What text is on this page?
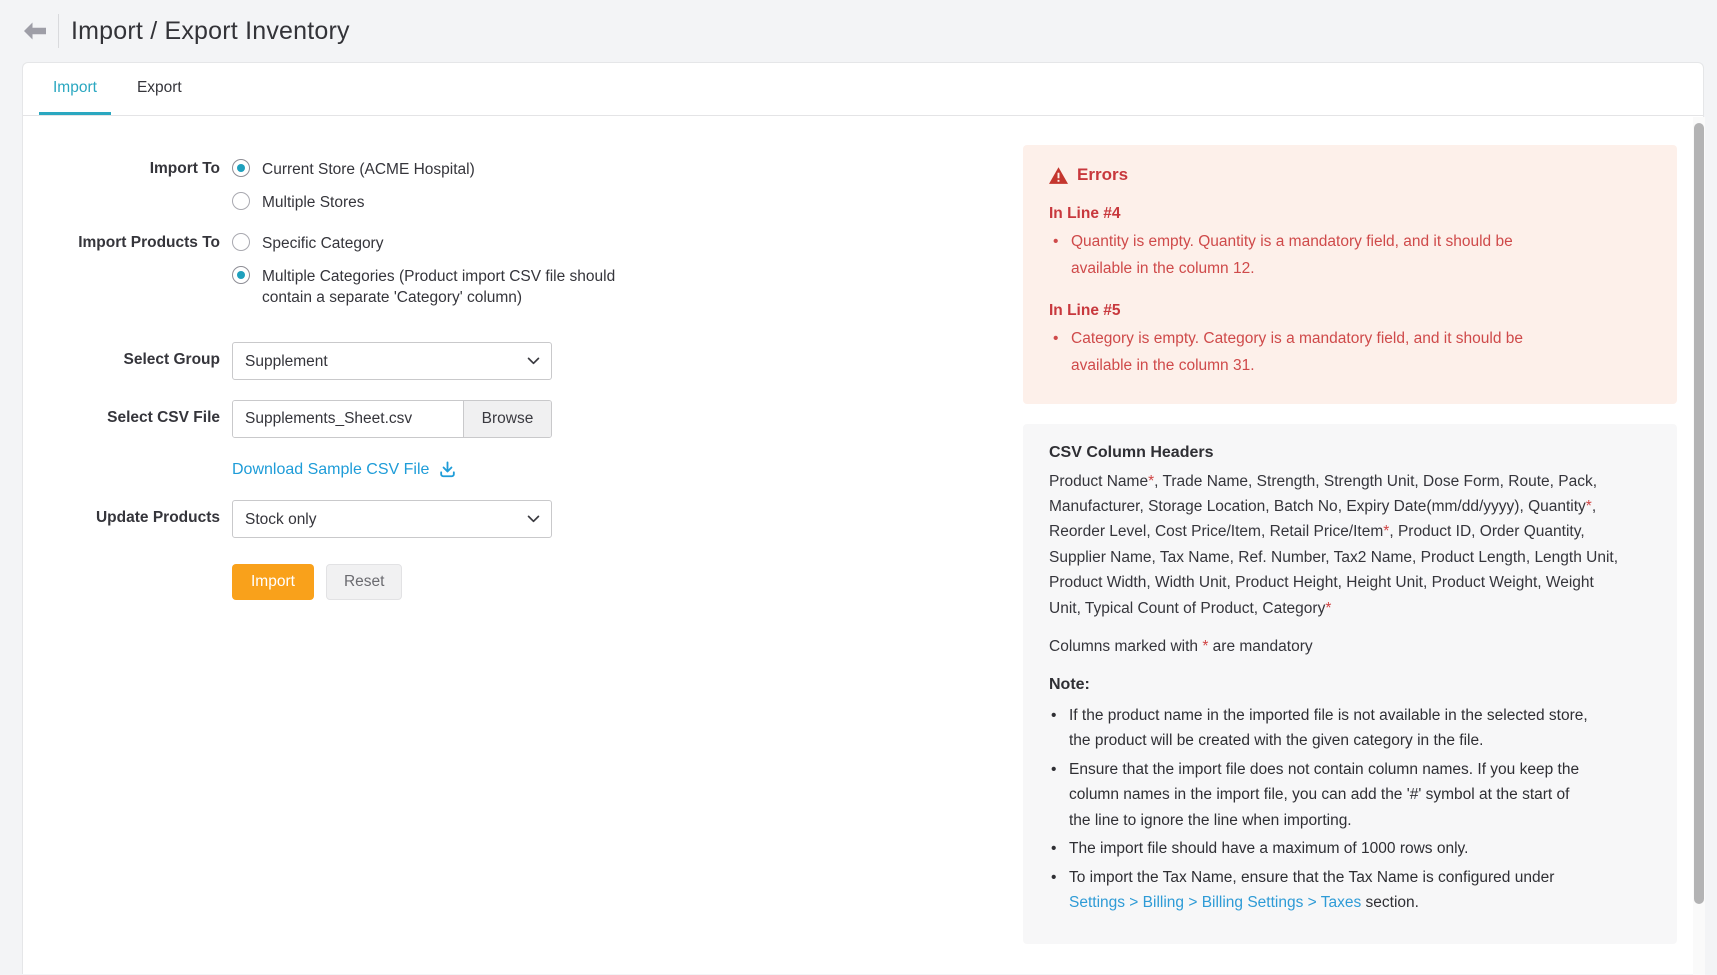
Import / Export Inventory
Import	Export
Import To	Current Store (ACME Hospital)
Multiple Stores
Import Products To	Specific Category
Multiple Categories (Product import CSV file should contain a separate 'Category' column)
Select Group
Supplement
Select CSV File	Supplements_Sheet.csv	Browse
Download Sample CSV File
Update Products
Stock only
Import	Reset
Errors
In Line #4
• Quantity is empty. Quantity is a mandatory field, and it should be available in the column 12.
In Line #5
• Category is empty. Category is a mandatory field, and it should be available in the column 31.
CSV Column Headers

Product Name*, Trade Name, Strength, Strength Unit, Dose Form, Route, Pack, Manufacturer, Storage Location, Batch No, Expiry Date(mm/dd/yyyy), Quantity*, Reorder Level, Cost Price/Item, Retail Price/Item*, Product ID, Order Quantity, Supplier Name, Tax Name, Ref. Number, Tax2 Name, Product Length, Length Unit, Product Width, Width Unit, Product Height, Height Unit, Product Weight, Weight Unit, Typical Count of Product, Category*

Columns marked with * are mandatory

Note:
• If the product name in the imported file is not available in the selected store, the product will be created with the given category in the file.
• Ensure that the import file does not contain column names. If you keep the column names in the import file, you can add the '#' symbol at the start of the line to ignore the line when importing.
• The import file should have a maximum of 1000 rows only.
• To import the Tax Name, ensure that the Tax Name is configured under Settings > Billing > Billing Settings > Taxes section.
